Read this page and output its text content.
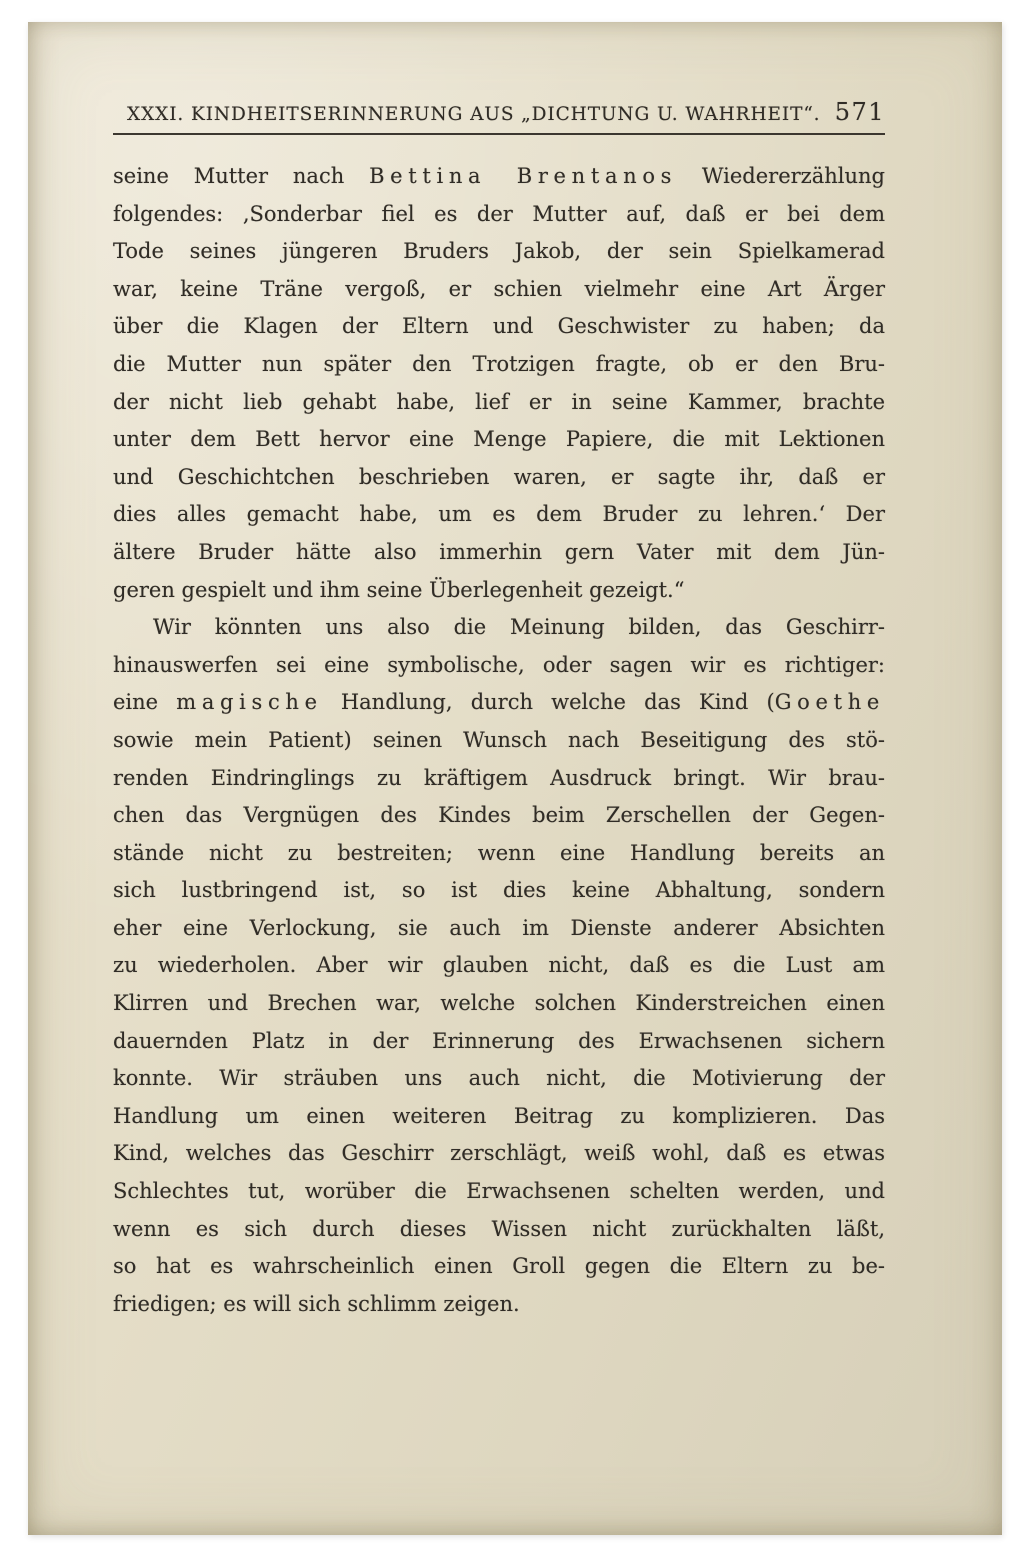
XXXI. KINDHEITSERINNERUNG AUS „DICHTUNG U. WAHRHEIT“. 571
seine Mutter nach Bettina Brentanos Wiedererzählung
folgendes: ‚Sonderbar fiel es der Mutter auf, daß er bei dem
Tode seines jüngeren Bruders Jakob, der sein Spielkamerad
war, keine Träne vergoß, er schien vielmehr eine Art Ärger
über die Klagen der Eltern und Geschwister zu haben; da
die Mutter nun später den Trotzigen fragte, ob er den Bru-
der nicht lieb gehabt habe, lief er in seine Kammer, brachte
unter dem Bett hervor eine Menge Papiere, die mit Lektionen
und Geschichtchen beschrieben waren, er sagte ihr, daß er
dies alles gemacht habe, um es dem Bruder zu lehren.‘ Der
ältere Bruder hätte also immerhin gern Vater mit dem Jün-
geren gespielt und ihm seine Überlegenheit gezeigt.“
Wir könnten uns also die Meinung bilden, das Geschirr-
hinauswerfen sei eine symbolische, oder sagen wir es richtiger:
eine magische Handlung, durch welche das Kind (Goethe
sowie mein Patient) seinen Wunsch nach Beseitigung des stö-
renden Eindringlings zu kräftigem Ausdruck bringt. Wir brau-
chen das Vergnügen des Kindes beim Zerschellen der Gegen-
stände nicht zu bestreiten; wenn eine Handlung bereits an
sich lustbringend ist, so ist dies keine Abhaltung, sondern
eher eine Verlockung, sie auch im Dienste anderer Absichten
zu wiederholen. Aber wir glauben nicht, daß es die Lust am
Klirren und Brechen war, welche solchen Kinderstreichen einen
dauernden Platz in der Erinnerung des Erwachsenen sichern
konnte. Wir sträuben uns auch nicht, die Motivierung der
Handlung um einen weiteren Beitrag zu komplizieren. Das
Kind, welches das Geschirr zerschlägt, weiß wohl, daß es etwas
Schlechtes tut, worüber die Erwachsenen schelten werden, und
wenn es sich durch dieses Wissen nicht zurückhalten läßt,
so hat es wahrscheinlich einen Groll gegen die Eltern zu be-
friedigen; es will sich schlimm zeigen.
